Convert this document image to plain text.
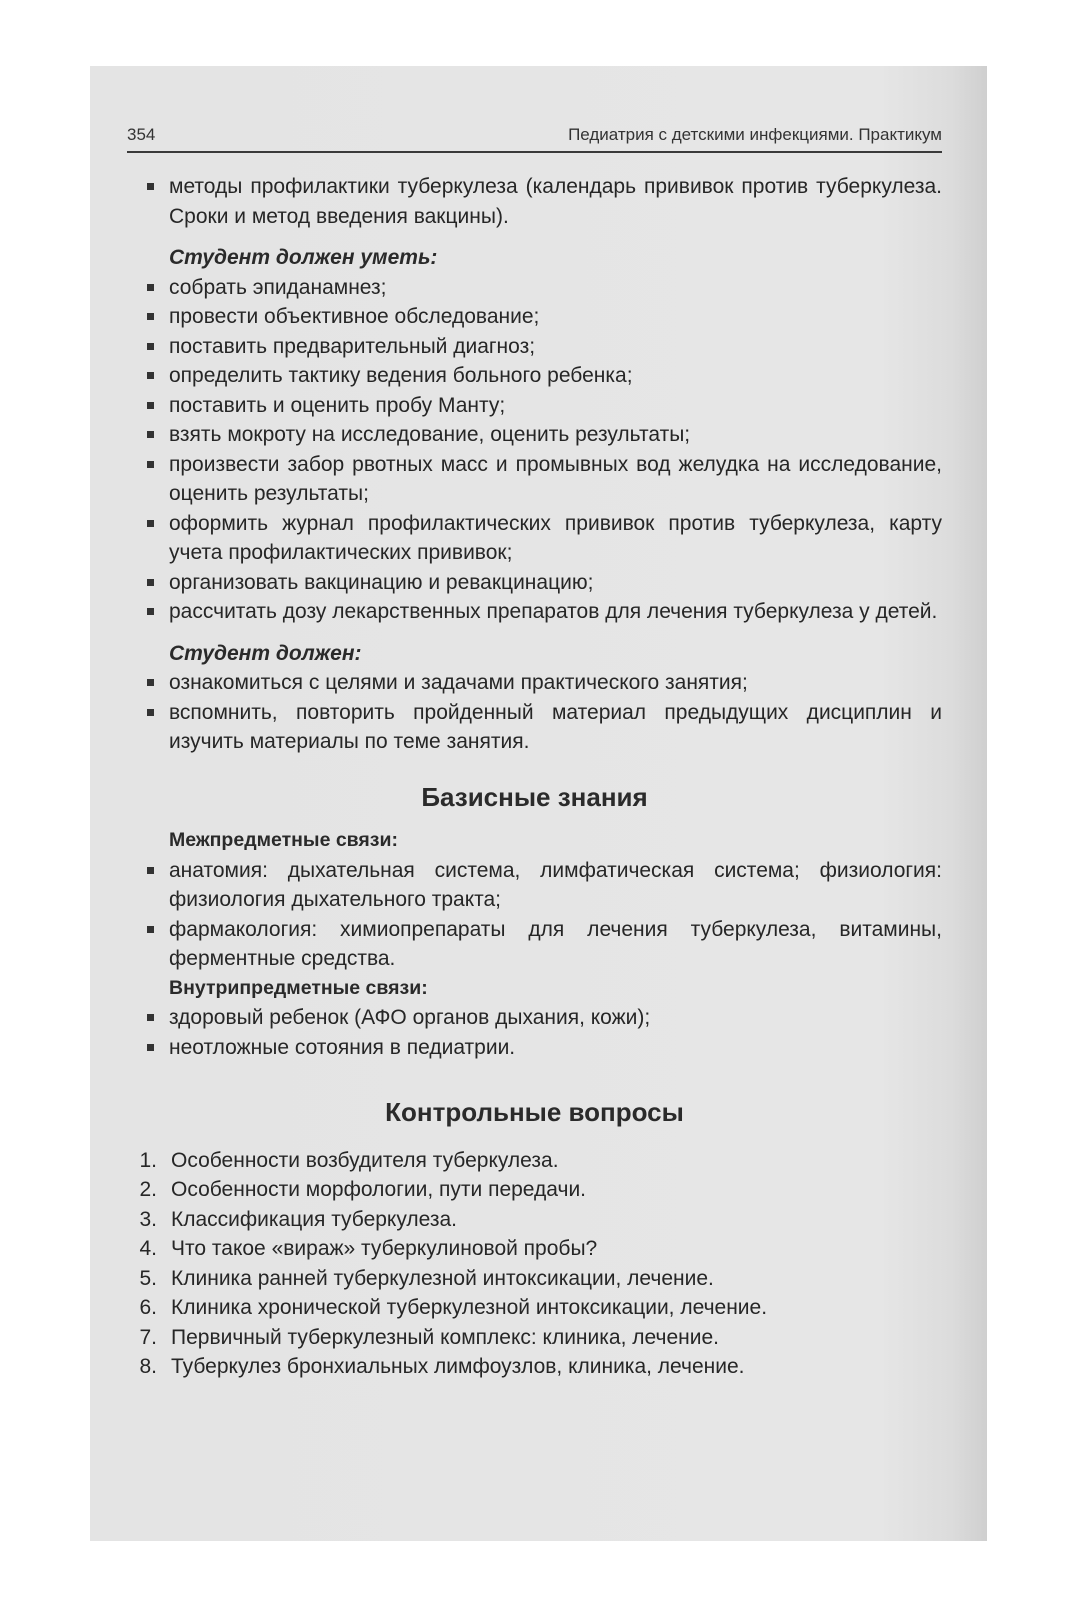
354	Педиатрия с детскими инфекциями. Практикум
методы профилактики туберкулеза (календарь прививок против туберкулеза. Сроки и метод введения вакцины).
Студент должен уметь:
собрать эпиданамнез;
провести объективное обследование;
поставить предварительный диагноз;
определить тактику ведения больного ребенка;
поставить и оценить пробу Манту;
взять мокроту на исследование, оценить результаты;
произвести забор рвотных масс и промывных вод желудка на исследование, оценить результаты;
оформить журнал профилактических прививок против туберкулеза, карту учета профилактических прививок;
организовать вакцинацию и ревакцинацию;
рассчитать дозу лекарственных препаратов для лечения туберкулеза у детей.
Студент должен:
ознакомиться с целями и задачами практического занятия;
вспомнить, повторить пройденный материал предыдущих дисциплин и изучить материалы по теме занятия.
Базисные знания
Межпредметные связи:
анатомия: дыхательная система, лимфатическая система; физиология: физиология дыхательного тракта;
фармакология: химиопрепараты для лечения туберкулеза, витамины, ферментные средства.
Внутрипредметные связи:
здоровый ребенок (АФО органов дыхания, кожи);
неотложные сотояния в педиатрии.
Контрольные вопросы
1. Особенности возбудителя туберкулеза.
2. Особенности морфологии, пути передачи.
3. Классификация туберкулеза.
4. Что такое «вираж» туберкулиновой пробы?
5. Клиника ранней туберкулезной интоксикации, лечение.
6. Клиника хронической туберкулезной интоксикации, лечение.
7. Первичный туберкулезный комплекс: клиника, лечение.
8. Туберкулез бронхиальных лимфоузлов, клиника, лечение.
